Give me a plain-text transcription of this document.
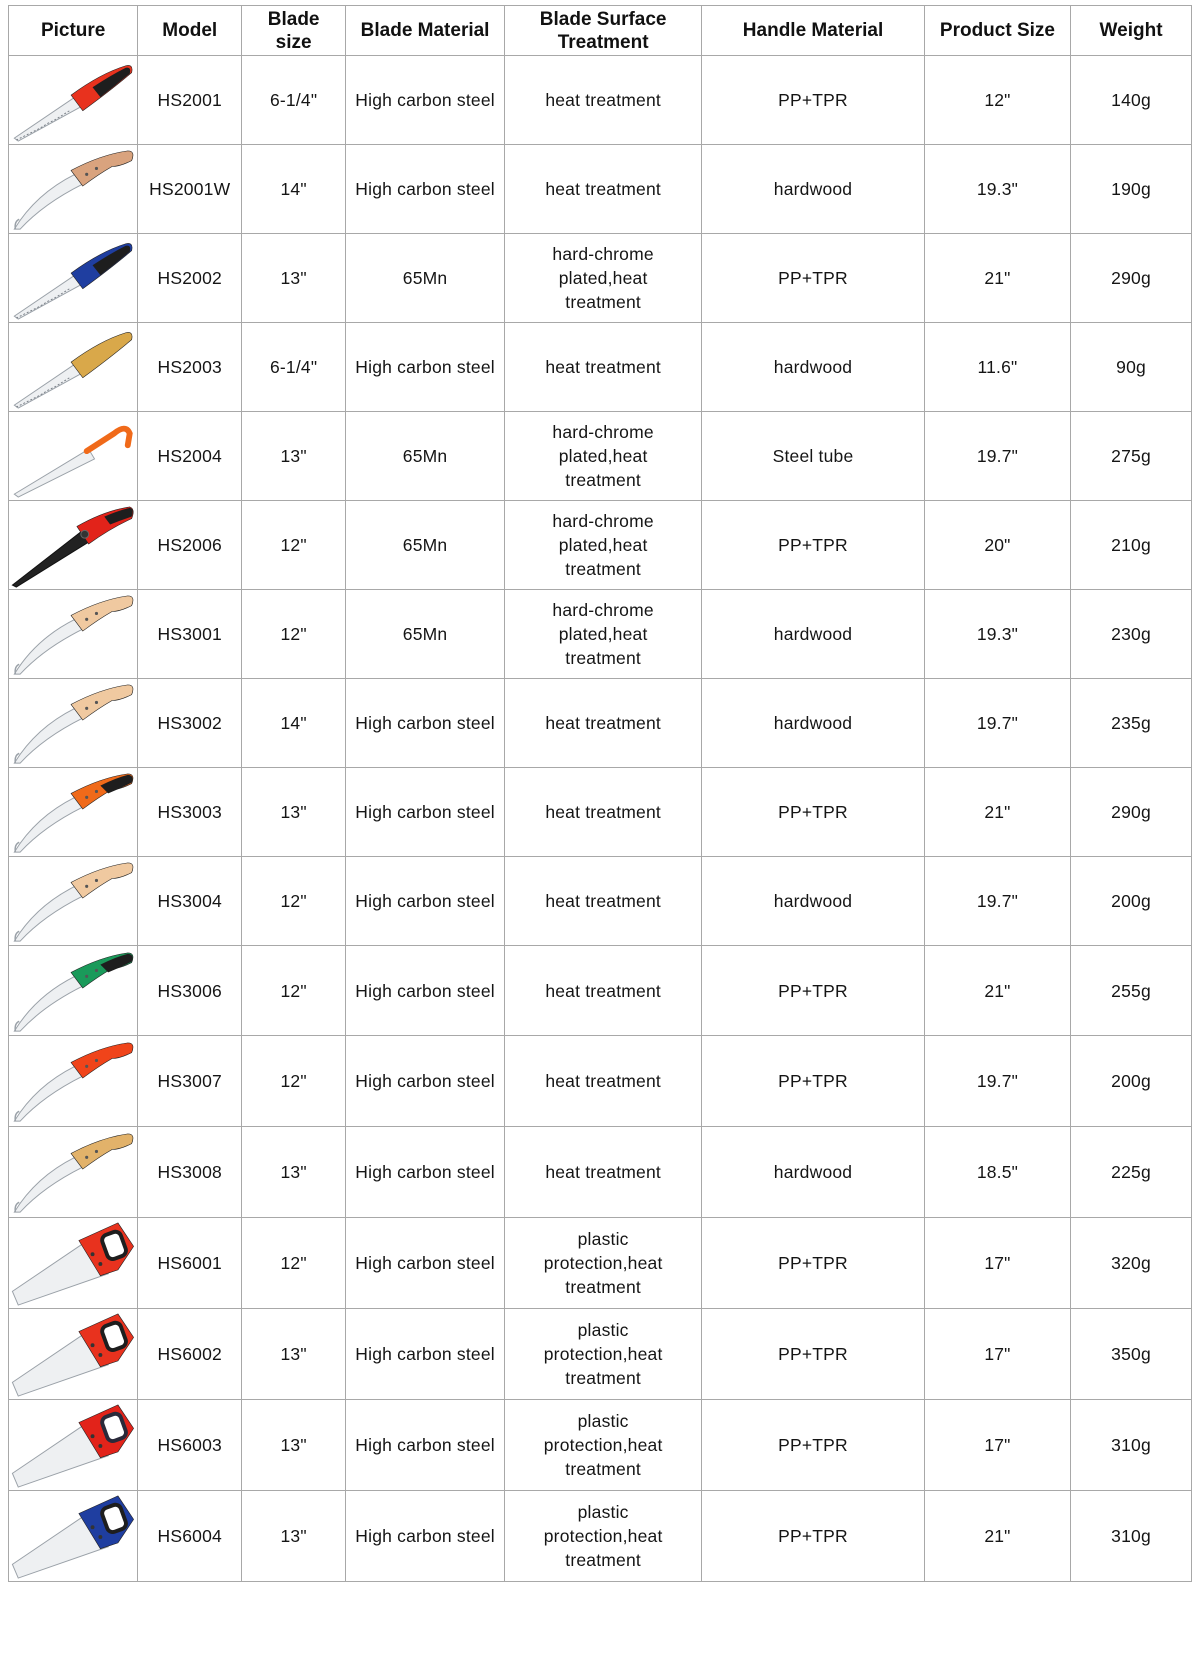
Picture	Model	Blade size	Blade Material	Blade Surface Treatment	Handle Material	Product Size	Weight

	HS2001	6-1/4"	High carbon steel	heat treatment	PP+TPR	12"	140g

	HS2001W	14"	High carbon steel	heat treatment	hardwood	19.3"	190g

	HS2002	13"	65Mn	hard-chrome plated,heat treatment	PP+TPR	21"	290g

	HS2003	6-1/4"	High carbon steel	heat treatment	hardwood	11.6"	90g

	HS2004	13"	65Mn	hard-chrome plated,heat treatment	Steel tube	19.7"	275g

	HS2006	12"	65Mn	hard-chrome plated,heat treatment	PP+TPR	20"	210g

	HS3001	12"	65Mn	hard-chrome plated,heat treatment	hardwood	19.3"	230g

	HS3002	14"	High carbon steel	heat treatment	hardwood	19.7"	235g

	HS3003	13"	High carbon steel	heat treatment	PP+TPR	21"	290g

	HS3004	12"	High carbon steel	heat treatment	hardwood	19.7"	200g

	HS3006	12"	High carbon steel	heat treatment	PP+TPR	21"	255g

	HS3007	12"	High carbon steel	heat treatment	PP+TPR	19.7"	200g

	HS3008	13"	High carbon steel	heat treatment	hardwood	18.5"	225g

	HS6001	12"	High carbon steel	plastic protection,heat treatment	PP+TPR	17"	320g

	HS6002	13"	High carbon steel	plastic protection,heat treatment	PP+TPR	17"	350g

	HS6003	13"	High carbon steel	plastic protection,heat treatment	PP+TPR	17"	310g

	HS6004	13"	High carbon steel	plastic protection,heat treatment	PP+TPR	21"	310g
